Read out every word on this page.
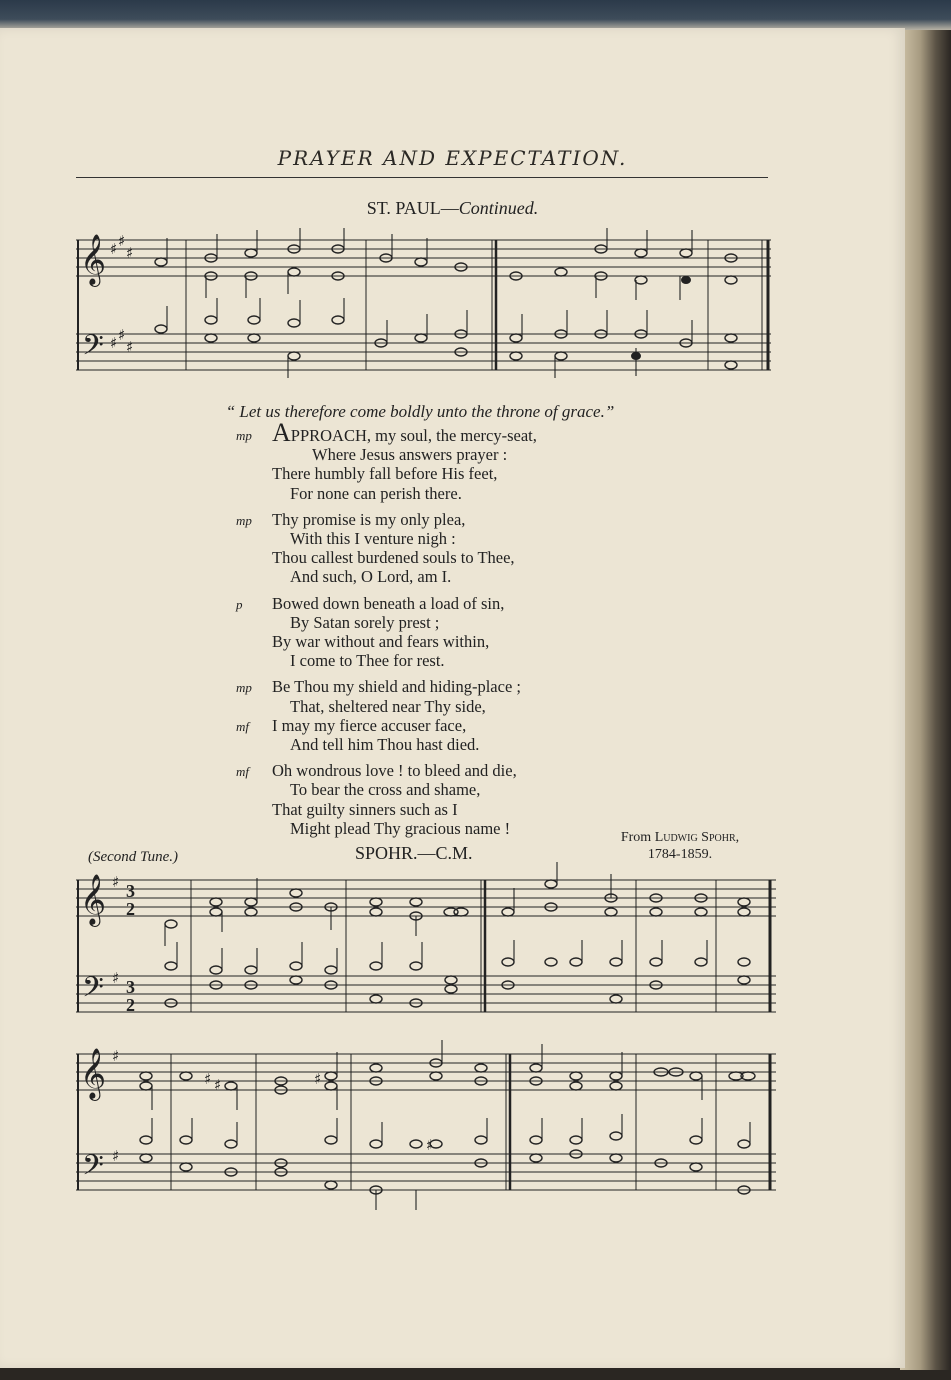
PRAYER AND EXPECTATION.
ST. PAUL—Continued.
𝄞
𝄢
♯ ♯
♯
♯ ♯
♯
“ Let us therefore come boldly unto the throne of grace.”
mp APPROACH, my soul, the mercy-seat,
Where Jesus answers prayer :
There humbly fall before His feet,
For none can perish there.
mp Thy promise is my only plea,
With this I venture nigh :
Thou callest burdened souls to Thee,
And such, O Lord, am I.
p Bowed down beneath a load of sin,
By Satan sorely prest ;
By war without and fears within,
I come to Thee for rest.
mp Be Thou my shield and hiding-place ;
That, sheltered near Thy side,
mf I may my fierce accuser face,
And tell him Thou hast died.
mf Oh wondrous love ! to bleed and die,
To bear the cross and shame,
That guilty sinners such as I
Might plead Thy gracious name !
(Second Tune.)	SPOHR.—C.M.
From Ludwig Spohr,
1784-1859.
𝄞
𝄢
3
2
3
2
♯
♯
𝄞
𝄢
♯
♯
♯ ♯	♯
♯
